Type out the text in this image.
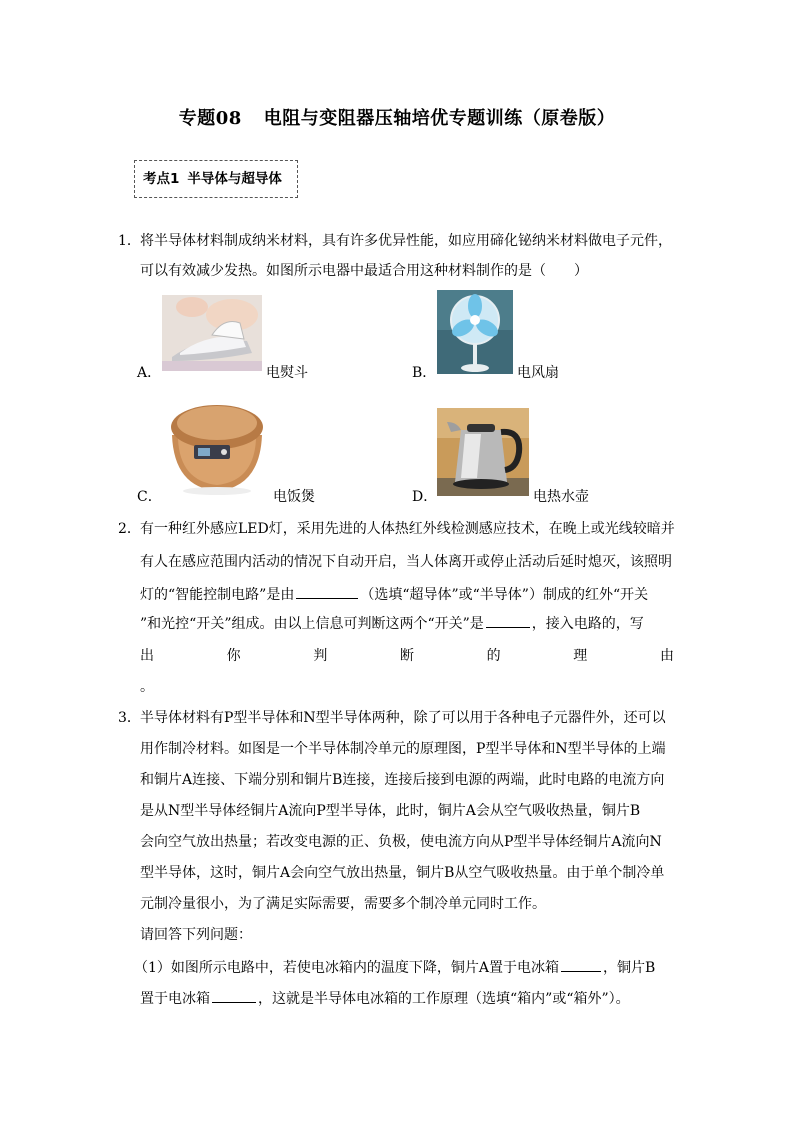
专题08 电阻与变阻器压轴培优专题训练（原卷版）
考点1 半导体与超导体
1． 将半导体材料制成纳米材料，具有许多优异性能，如应用碲化铋纳米材料做电子元件，
可以有效减少发热。如图所示电器中最适合用这种材料制作的是（　　）
A．	电熨斗	B．	电风扇
C．	电饭煲	D．	电热水壶
2． 有一种红外感应LED灯，采用先进的人体热红外线检测感应技术，在晚上或光线较暗并
有人在感应范围内活动的情况下自动开启，当人体离开或停止活动后延时熄灭，该照明
灯的“智能控制电路”是由	（选填“超导体”或“半导体”）制成的红外“开关
”和光控“开关”组成。由以上信息可判断这两个“开关”是	，接入电路的，写
出	你	判	断	的	理	由
。
3． 半导体材料有P型半导体和N型半导体两种，除了可以用于各种电子元器件外，还可以
用作制冷材料。如图是一个半导体制冷单元的原理图，P型半导体和N型半导体的上端
和铜片A连接、下端分别和铜片B连接，连接后接到电源的两端，此时电路的电流方向
是从N型半导体经铜片A流向P型半导体，此时，铜片A会从空气吸收热量，铜片B
会向空气放出热量；若改变电源的正、负极，使电流方向从P型半导体经铜片A流向N
型半导体，这时，铜片A会向空气放出热量，铜片B从空气吸收热量。由于单个制冷单
元制冷量很小，为了满足实际需要，需要多个制冷单元同时工作。
请回答下列问题：
（1）如图所示电路中，若使电冰箱内的温度下降，铜片A置于电冰箱	，铜片B
置于电冰箱	，这就是半导体电冰箱的工作原理（选填“箱内”或“箱外”）。
